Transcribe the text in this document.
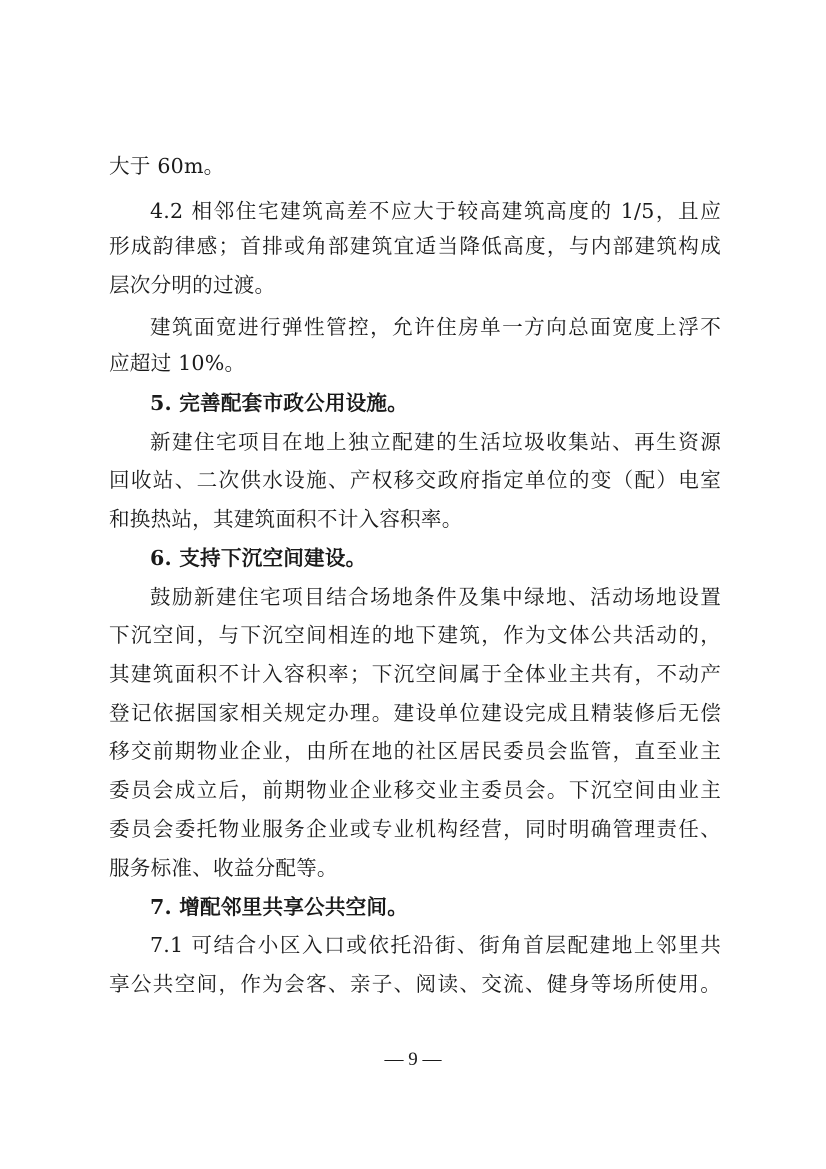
大于 60m。
4.2 相邻住宅建筑高差不应大于较高建筑高度的 1/5，且应
形成韵律感；首排或角部建筑宜适当降低高度，与内部建筑构成
层次分明的过渡。
建筑面宽进行弹性管控，允许住房单一方向总面宽度上浮不
应超过 10%。
5. 完善配套市政公用设施。
新建住宅项目在地上独立配建的生活垃圾收集站、再生资源
回收站、二次供水设施、产权移交政府指定单位的变（配）电室
和换热站，其建筑面积不计入容积率。
6. 支持下沉空间建设。
鼓励新建住宅项目结合场地条件及集中绿地、活动场地设置
下沉空间，与下沉空间相连的地下建筑，作为文体公共活动的，
其建筑面积不计入容积率；下沉空间属于全体业主共有，不动产
登记依据国家相关规定办理。建设单位建设完成且精装修后无偿
移交前期物业企业，由所在地的社区居民委员会监管，直至业主
委员会成立后，前期物业企业移交业主委员会。下沉空间由业主
委员会委托物业服务企业或专业机构经营，同时明确管理责任、
服务标准、收益分配等。
7. 增配邻里共享公共空间。
7.1 可结合小区入口或依托沿街、街角首层配建地上邻里共
享公共空间，作为会客、亲子、阅读、交流、健身等场所使用。
— 9 —
